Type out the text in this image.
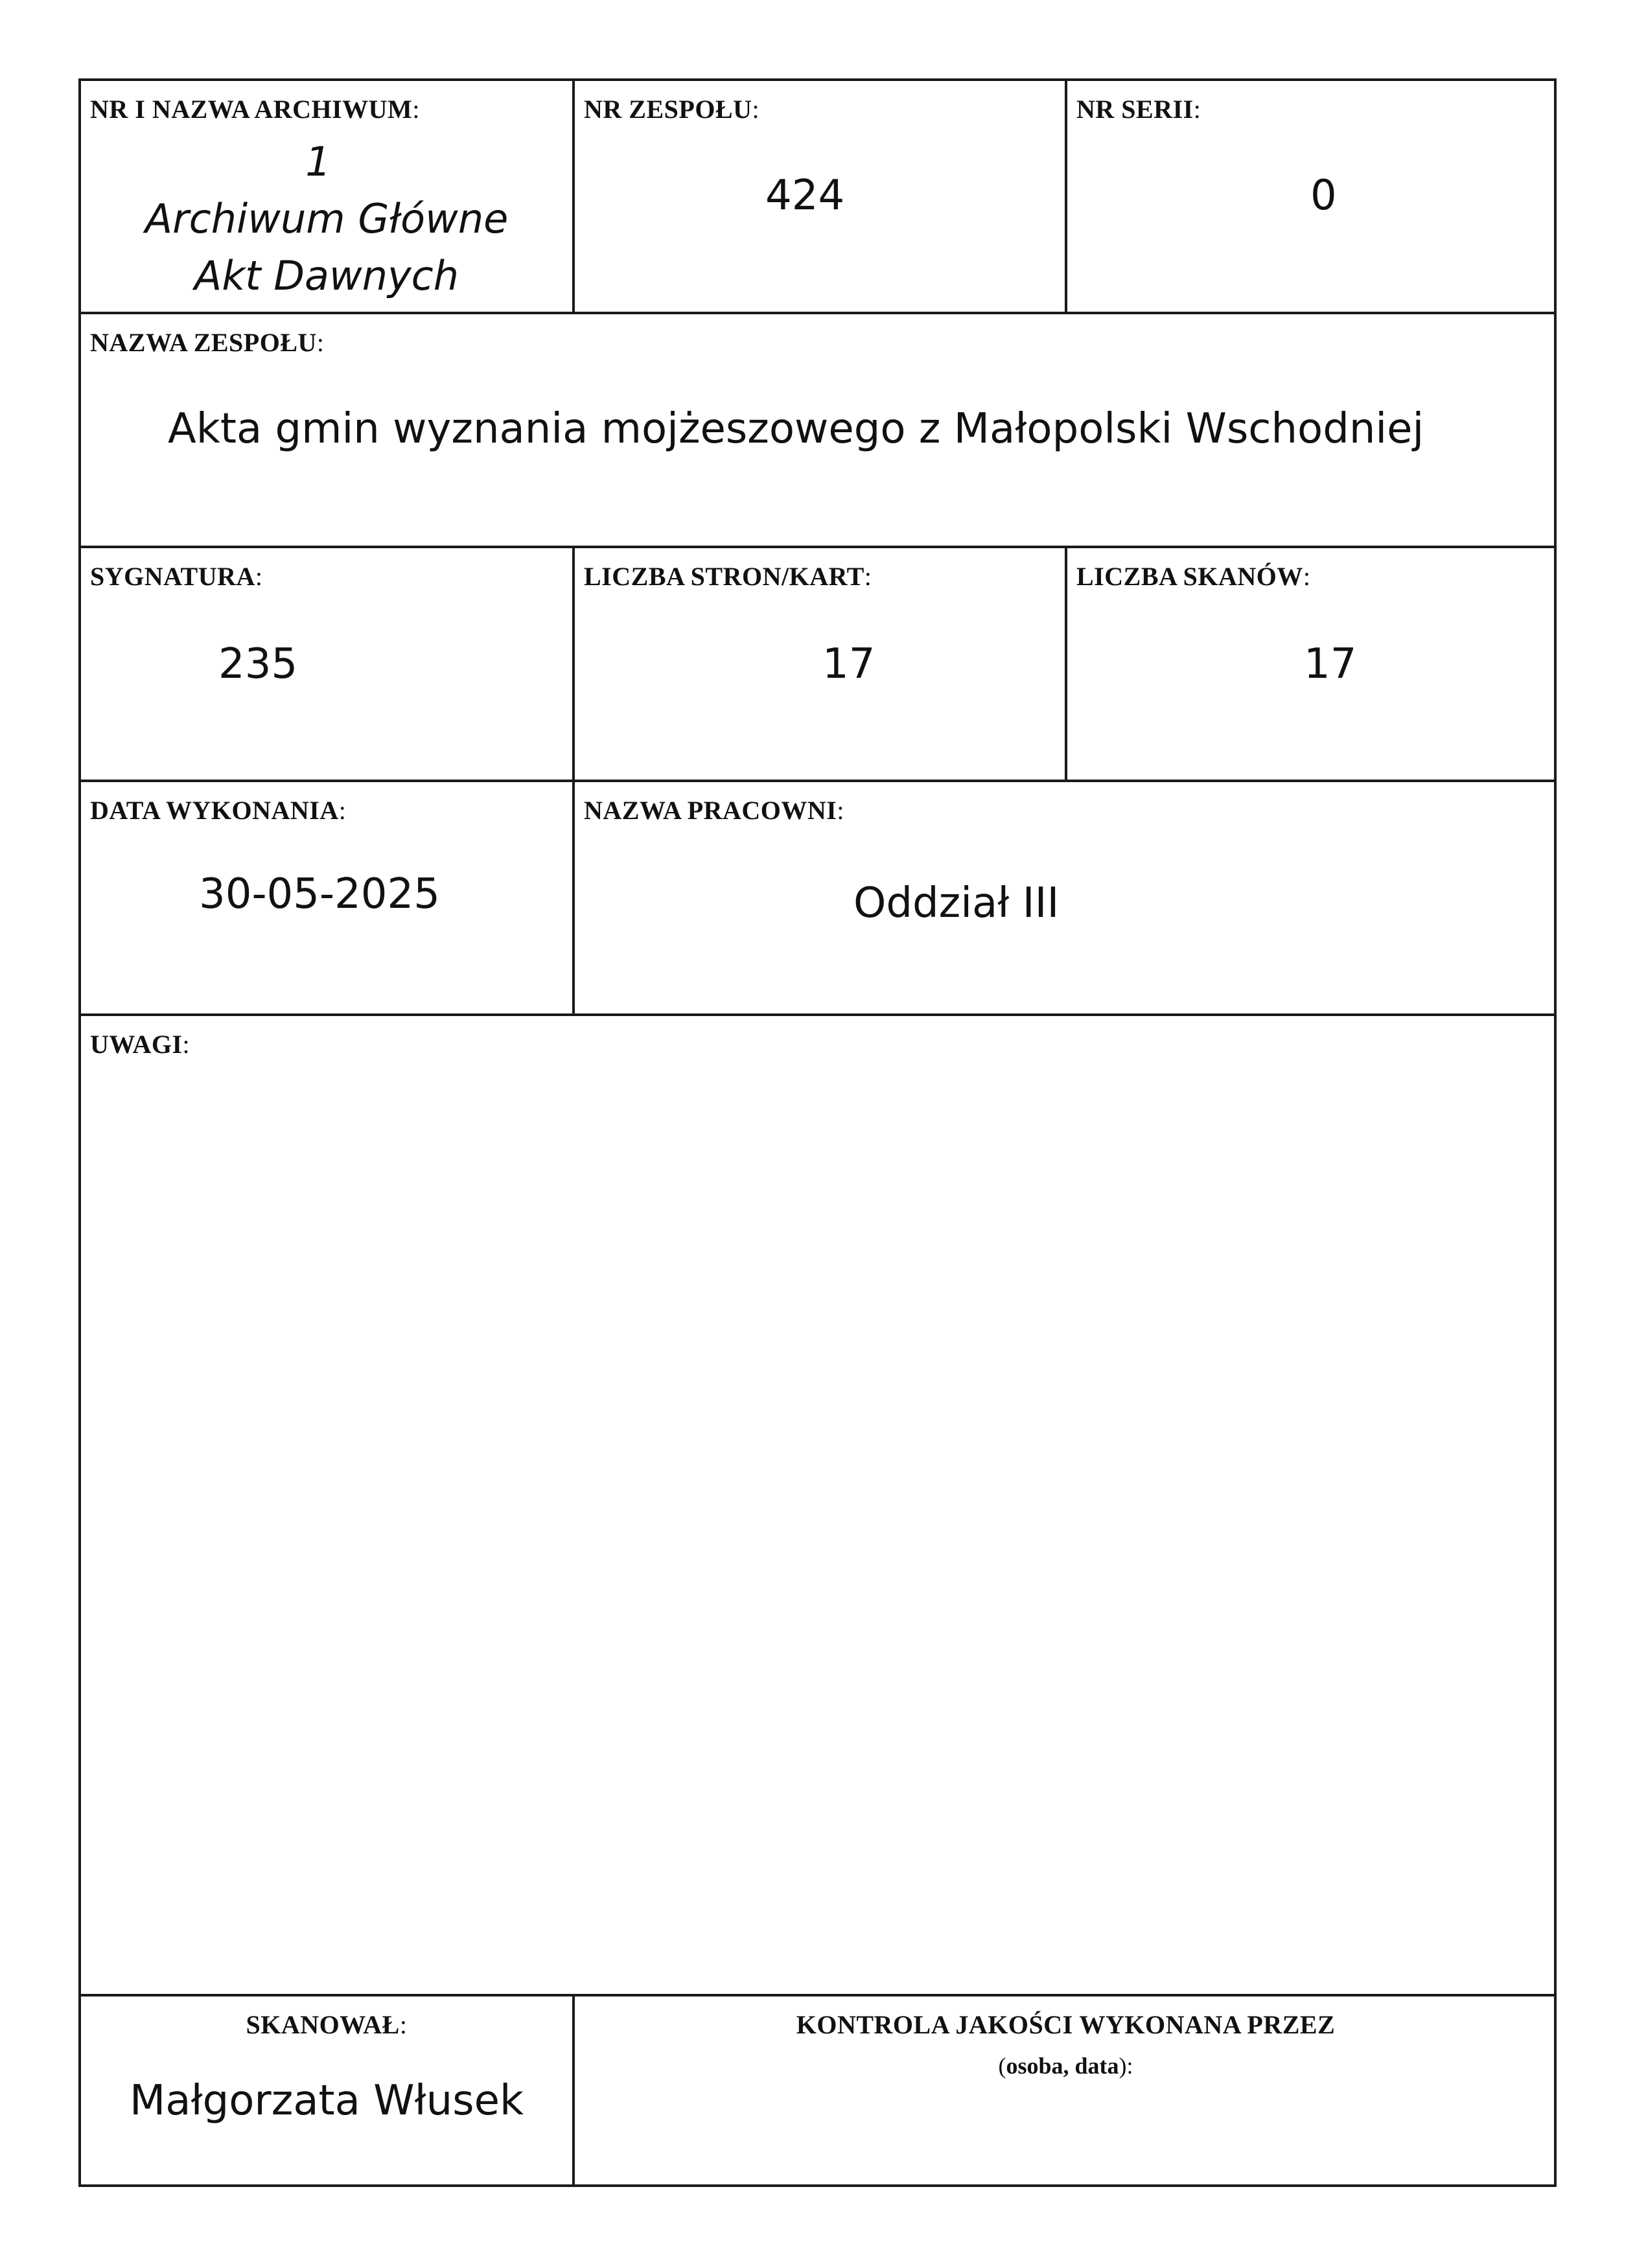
NR I NAZWA ARCHIWUM:
1
Archiwum Główne
Akt Dawnych
NR ZESPOŁU:
424
NR SERII:
0
NAZWA ZESPOŁU:
Akta gmin wyznania mojżeszowego z Małopolski Wschodniej
SYGNATURA:
235
LICZBA STRON/KART:
17
LICZBA SKANÓW:
17
DATA WYKONANIA:
30-05-2025
NAZWA PRACOWNI:
Oddział III
UWAGI:
SKANOWAŁ:
Małgorzata Włusek
KONTROLA JAKOŚCI WYKONANA PRZEZ
(osoba, data):
